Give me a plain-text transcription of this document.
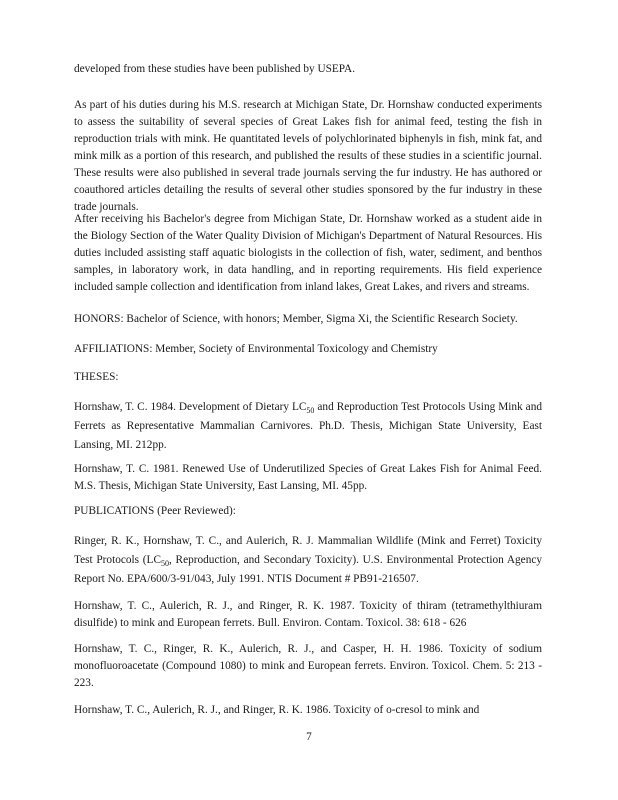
developed from these studies have been published by USEPA.

As part of his duties during his M.S. research at Michigan State, Dr. Hornshaw conducted experiments to assess the suitability of several species of Great Lakes fish for animal feed, testing the fish in reproduction trials with mink. He quantitated levels of polychlorinated biphenyls in fish, mink fat, and mink milk as a portion of this research, and published the results of these studies in a scientific journal. These results were also published in several trade journals serving the fur industry. He has authored or coauthored articles detailing the results of several other studies sponsored by the fur industry in these trade journals.

After receiving his Bachelor's degree from Michigan State, Dr. Hornshaw worked as a student aide in the Biology Section of the Water Quality Division of Michigan's Department of Natural Resources. His duties included assisting staff aquatic biologists in the collection of fish, water, sediment, and benthos samples, in laboratory work, in data handling, and in reporting requirements. His field experience included sample collection and identification from inland lakes, Great Lakes, and rivers and streams.

HONORS: Bachelor of Science, with honors; Member, Sigma Xi, the Scientific Research Society.

AFFILIATIONS: Member, Society of Environmental Toxicology and Chemistry

THESES:

Hornshaw, T. C. 1984. Development of Dietary $LC_{50}$ and Reproduction Test Protocols Using Mink and Ferrets as Representative Mammalian Carnivores. Ph.D. Thesis, Michigan State University, East Lansing, MI. 212pp.

Hornshaw, T. C. 1981. Renewed Use of Underutilized Species of Great Lakes Fish for Animal Feed. M.S. Thesis, Michigan State University, East Lansing, MI. 45pp.

PUBLICATIONS (Peer Reviewed):

Ringer, R. K., Hornshaw, T. C., and Aulerich, R. J. Mammalian Wildlife (Mink and Ferret) Toxicity Test Protocols ($LC_{50}$, Reproduction, and Secondary Toxicity). U.S. Environmental Protection Agency Report No. EPA/600/3-91/043, July 1991. NTIS Document # PB91-216507.

Hornshaw, T. C., Aulerich, R. J., and Ringer, R. K. 1987. Toxicity of thiram (tetramethylthiuram disulfide) to mink and European ferrets. Bull. Environ. Contam. Toxicol. 38: 618 - 626

Hornshaw, T. C., Ringer, R. K., Aulerich, R. J., and Casper, H. H. 1986. Toxicity of sodium monofluoroacetate (Compound 1080) to mink and European ferrets. Environ. Toxicol. Chem. 5: 213 - 223.

Hornshaw, T. C., Aulerich, R. J., and Ringer, R. K. 1986. Toxicity of o-cresol to mink and

7
